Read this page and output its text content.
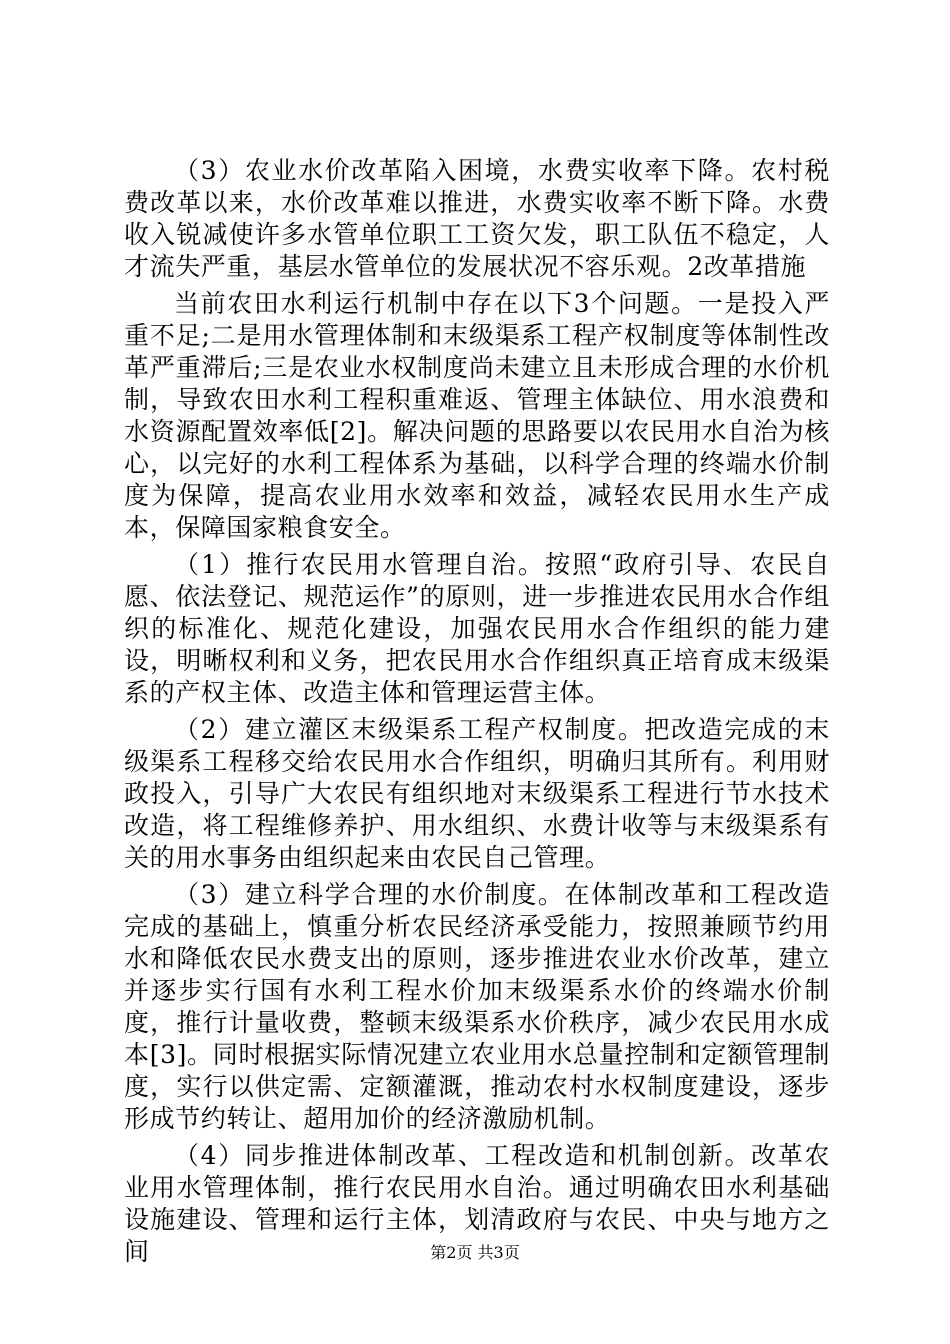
（3）农业水价改革陷入困境，水费实收率下降。农村税费改革以来，水价改革难以推进，水费实收率不断下降。水费收入锐减使许多水管单位职工工资欠发，职工队伍不稳定，人才流失严重，基层水管单位的发展状况不容乐观。2改革措施

当前农田水利运行机制中存在以下3个问题。一是投入严重不足;二是用水管理体制和末级渠系工程产权制度等体制性改革严重滞后;三是农业水权制度尚未建立且未形成合理的水价机制，导致农田水利工程积重难返、管理主体缺位、用水浪费和水资源配置效率低[2]。解决问题的思路要以农民用水自治为核心，以完好的水利工程体系为基础，以科学合理的终端水价制度为保障，提高农业用水效率和效益，减轻农民用水生产成本，保障国家粮食安全。

（1）推行农民用水管理自治。按照“政府引导、农民自愿、依法登记、规范运作”的原则，进一步推进农民用水合作组织的标准化、规范化建设，加强农民用水合作组织的能力建设，明晰权利和义务，把农民用水合作组织真正培育成末级渠系的产权主体、改造主体和管理运营主体。

（2）建立灌区末级渠系工程产权制度。把改造完成的末级渠系工程移交给农民用水合作组织，明确归其所有。利用财政投入，引导广大农民有组织地对末级渠系工程进行节水技术改造，将工程维修养护、用水组织、水费计收等与末级渠系有关的用水事务由组织起来由农民自己管理。

（3）建立科学合理的水价制度。在体制改革和工程改造完成的基础上，慎重分析农民经济承受能力，按照兼顾节约用水和降低农民水费支出的原则，逐步推进农业水价改革，建立并逐步实行国有水利工程水价加末级渠系水价的终端水价制度，推行计量收费，整顿末级渠系水价秩序，减少农民用水成本[3]。同时根据实际情况建立农业用水总量控制和定额管理制度，实行以供定需、定额灌溉，推动农村水权制度建设，逐步形成节约转让、超用加价的经济激励机制。

（4）同步推进体制改革、工程改造和机制创新。改革农业用水管理体制，推行农民用水自治。通过明确农田水利基础设施建设、管理和运行主体，划清政府与农民、中央与地方之间	第2页 共3页
